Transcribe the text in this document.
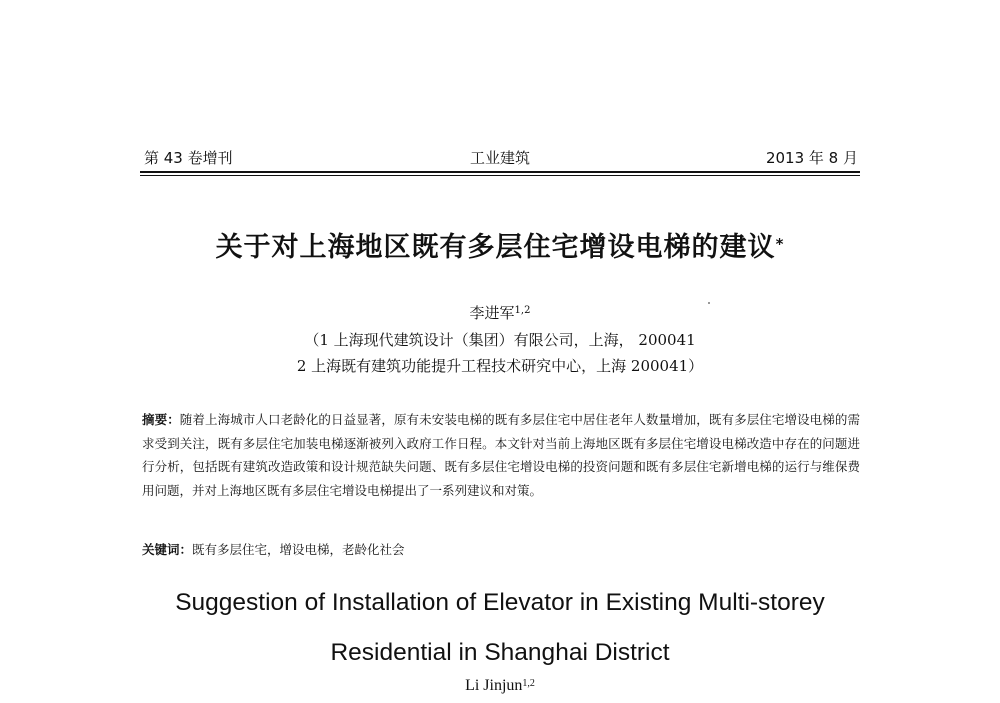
第 43 卷增刊	工业建筑	2013 年 8 月
关于对上海地区既有多层住宅增设电梯的建议*
李进军$^{1,2}$
（1 上海现代建筑设计（集团）有限公司，上海， 200041
2 上海既有建筑功能提升工程技术研究中心，上海 200041）
摘要：随着上海城市人口老龄化的日益显著，原有未安装电梯的既有多层住宅中居住老年人数量增加，既有多层住宅增设电梯的需求受到关注，既有多层住宅加装电梯逐渐被列入政府工作日程。本文针对当前上海地区既有多层住宅增设电梯改造中存在的问题进行分析，包括既有建筑改造政策和设计规范缺失问题、既有多层住宅增设电梯的投资问题和既有多层住宅新增电梯的运行与维保费用问题，并对上海地区既有多层住宅增设电梯提出了一系列建议和对策。
关键词：既有多层住宅，增设电梯，老龄化社会
Suggestion of Installation of Elevator in Existing Multi-storey
Residential in Shanghai District
Li Jinjun$^{1,2}$
